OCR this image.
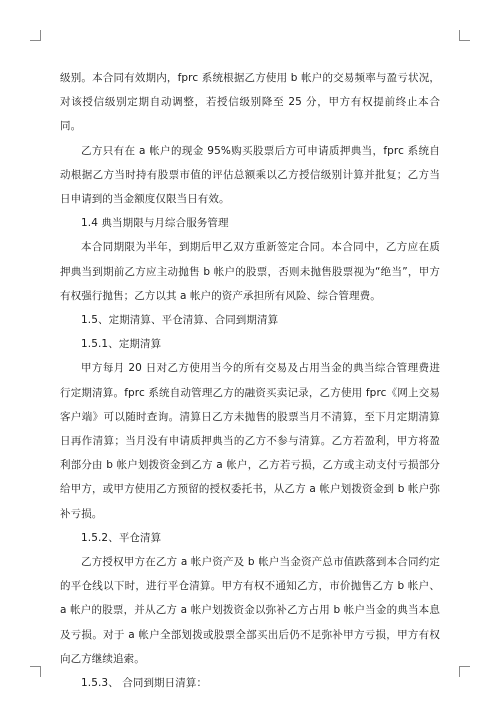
级别。本合同有效期内，fprc 系统根据乙方使用 b 帐户的交易频率与盈亏状况，对该授信级别定期自动调整，若授信级别降至 25 分，甲方有权提前终止本合同。

乙方只有在 a 帐户的现金 95%购买股票后方可申请质押典当，fprc 系统自动根据乙方当时持有股票市值的评估总额乘以乙方授信级别计算并批复；乙方当日申请到的当金额度仅限当日有效。

1.4 典当期限与月综合服务管理

本合同期限为半年，到期后甲乙双方重新签定合同。本合同中，乙方应在质押典当到期前乙方应主动抛售 b 帐户的股票，否则未抛售股票视为“绝当”，甲方有权强行抛售；乙方以其 a 帐户的资产承担所有风险、综合管理费。

1.5、定期清算、平仓清算、合同到期清算

1.5.1、定期清算

甲方每月 20 日对乙方使用当今的所有交易及占用当金的典当综合管理费进行定期清算。fprc 系统自动管理乙方的融资买卖记录，乙方使用 fprc《网上交易客户端》可以随时查询。清算日乙方未抛售的股票当月不清算，至下月定期清算日再作清算；当月没有申请质押典当的乙方不参与清算。乙方若盈利，甲方将盈利部分由 b 帐户划拨资金到乙方 a 帐户，乙方若亏损，乙方或主动支付亏损部分给甲方，或甲方使用乙方预留的授权委托书，从乙方 a 帐户划拨资金到 b 帐户弥补亏损。

1.5.2、平仓清算

乙方授权甲方在乙方 a 帐户资产及 b 帐户当金资产总市值跌落到本合同约定的平仓线以下时，进行平仓清算。甲方有权不通知乙方，市价抛售乙方 b 帐户、a 帐户的股票，并从乙方 a 帐户划拨资金以弥补乙方占用 b 帐户当金的典当本息及亏损。对于 a 帐户全部划拨或股票全部买出后仍不足弥补甲方亏损，甲方有权向乙方继续追索。

1.5.3、 合同到期日清算：
